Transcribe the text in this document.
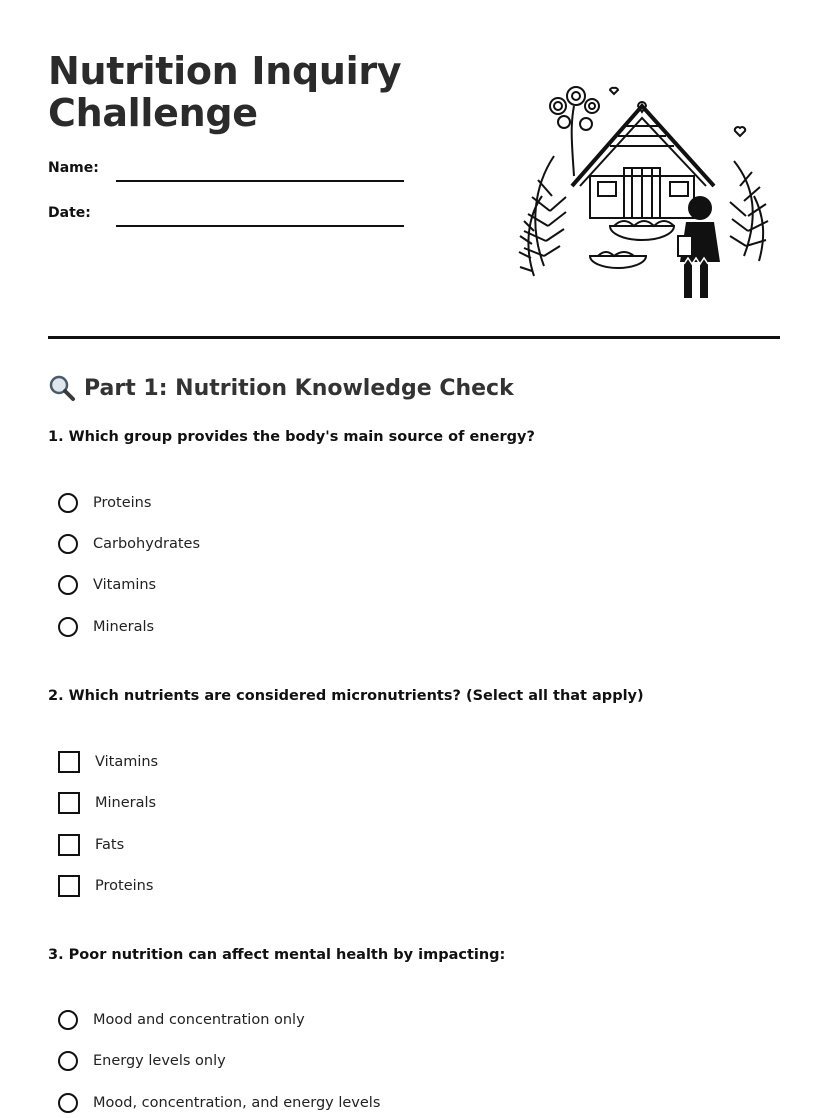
Nutrition Inquiry
Challenge
Name:
Date:
Part 1: Nutrition Knowledge Check

1. Which group provides the body's main source of energy?

Proteins
Carbohydrates
Vitamins
Minerals

2. Which nutrients are considered micronutrients? (Select all that apply)

Vitamins
Minerals
Fats
Proteins

3. Poor nutrition can affect mental health by impacting:

Mood and concentration only
Energy levels only
Mood, concentration, and energy levels
